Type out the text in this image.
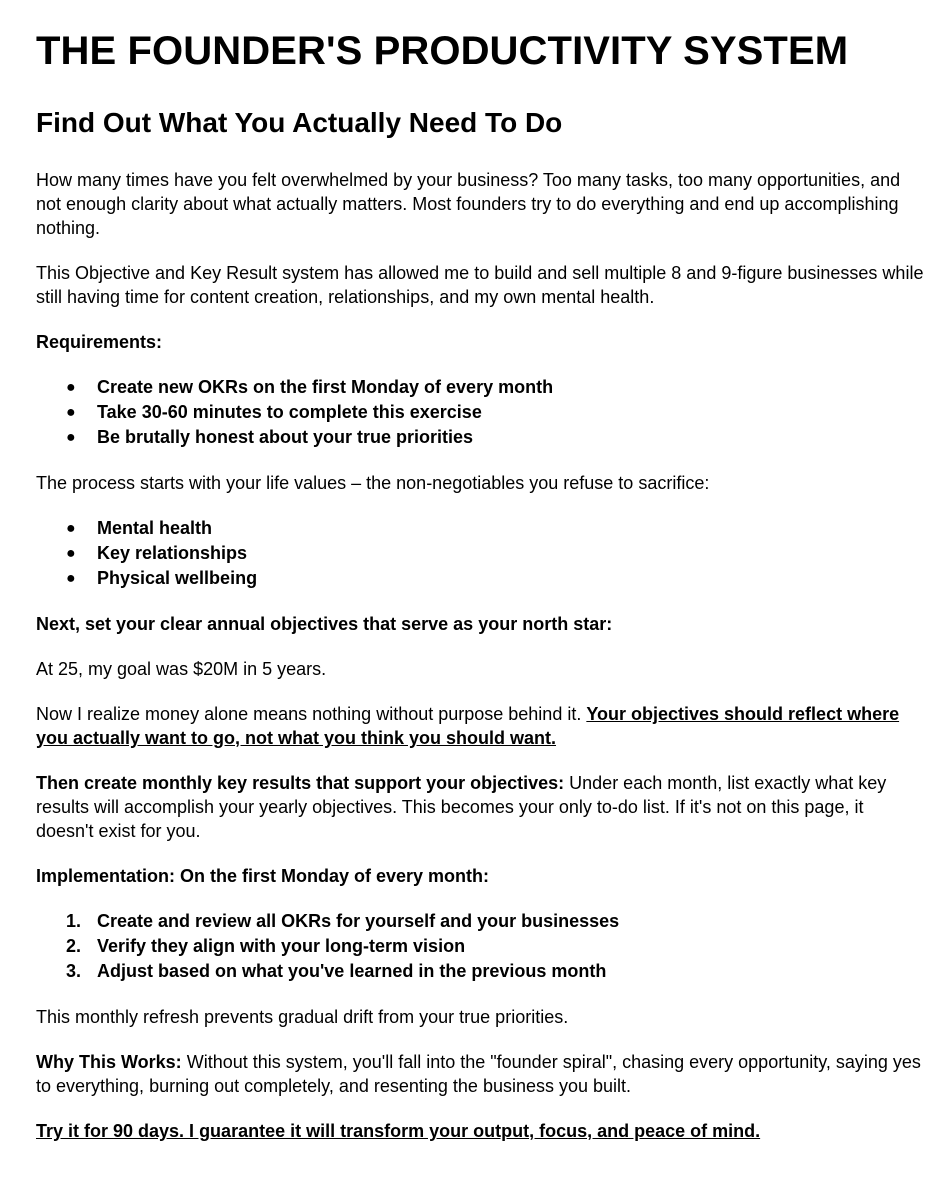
THE FOUNDER'S PRODUCTIVITY SYSTEM
Find Out What You Actually Need To Do

How many times have you felt overwhelmed by your business? Too many tasks, too many opportunities, and not enough clarity about what actually matters. Most founders try to do everything and end up accomplishing nothing.

This Objective and Key Result system has allowed me to build and sell multiple 8 and 9-figure businesses while still having time for content creation, relationships, and my own mental health.

Requirements:

● Create new OKRs on the first Monday of every month
● Take 30-60 minutes to complete this exercise
● Be brutally honest about your true priorities

The process starts with your life values – the non-negotiables you refuse to sacrifice:

● Mental health
● Key relationships
● Physical wellbeing

Next, set your clear annual objectives that serve as your north star:

At 25, my goal was $20M in 5 years.

Now I realize money alone means nothing without purpose behind it. Your objectives should reflect where you actually want to go, not what you think you should want.

Then create monthly key results that support your objectives: Under each month, list exactly what key results will accomplish your yearly objectives. This becomes your only to-do list. If it's not on this page, it doesn't exist for you.

Implementation: On the first Monday of every month:

1. Create and review all OKRs for yourself and your businesses
2. Verify they align with your long-term vision
3. Adjust based on what you've learned in the previous month

This monthly refresh prevents gradual drift from your true priorities.

Why This Works: Without this system, you'll fall into the "founder spiral", chasing every opportunity, saying yes to everything, burning out completely, and resenting the business you built.

Try it for 90 days. I guarantee it will transform your output, focus, and peace of mind.
